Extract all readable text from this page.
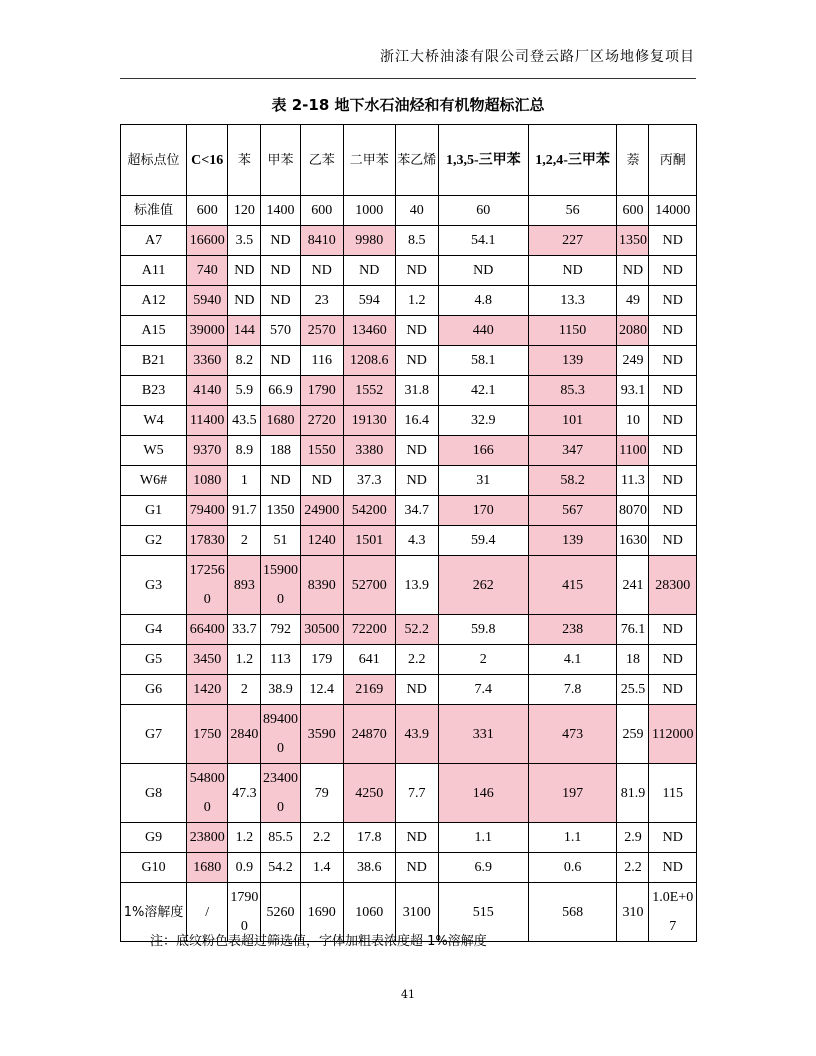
浙江大桥油漆有限公司登云路厂区场地修复项目
表 2-18 地下水石油烃和有机物超标汇总
超标点位	C<16	苯	甲苯	乙苯	二甲苯	苯乙烯	1,3,5-三甲苯	1,2,4-三甲苯	萘	丙酮
标准值	600	120	1400	600	1000	40	60	56	600	14000
A7	16600	3.5	ND	8410	9980	8.5	54.1	227	1350	ND
A11	740	ND	ND	ND	ND	ND	ND	ND	ND	ND
A12	5940	ND	ND	23	594	1.2	4.8	13.3	49	ND
A15	39000	144	570	2570	13460	ND	440	1150	2080	ND
B21	3360	8.2	ND	116	1208.6	ND	58.1	139	249	ND
B23	4140	5.9	66.9	1790	1552	31.8	42.1	85.3	93.1	ND
W4	11400	43.5	1680	2720	19130	16.4	32.9	101	10	ND
W5	9370	8.9	188	1550	3380	ND	166	347	1100	ND
W6#	1080	1	ND	ND	37.3	ND	31	58.2	11.3	ND
G1	79400	91.7	1350	24900	54200	34.7	170	567	8070	ND
G2	17830	2	51	1240	1501	4.3	59.4	139	1630	ND
G3	172560	893	159000	8390	52700	13.9	262	415	241	28300
G4	66400	33.7	792	30500	72200	52.2	59.8	238	76.1	ND
G5	3450	1.2	113	179	641	2.2	2	4.1	18	ND
G6	1420	2	38.9	12.4	2169	ND	7.4	7.8	25.5	ND
G7	1750	2840	894000	3590	24870	43.9	331	473	259	112000
G8	548000	47.3	234000	79	4250	7.7	146	197	81.9	115
G9	23800	1.2	85.5	2.2	17.8	ND	1.1	1.1	2.9	ND
G10	1680	0.9	54.2	1.4	38.6	ND	6.9	0.6	2.2	ND
1%溶解度	/	17900	5260	1690	1060	3100	515	568	310	1.0E+07
注：底纹粉色表超过筛选值，字体加粗表浓度超 1%溶解度
41
